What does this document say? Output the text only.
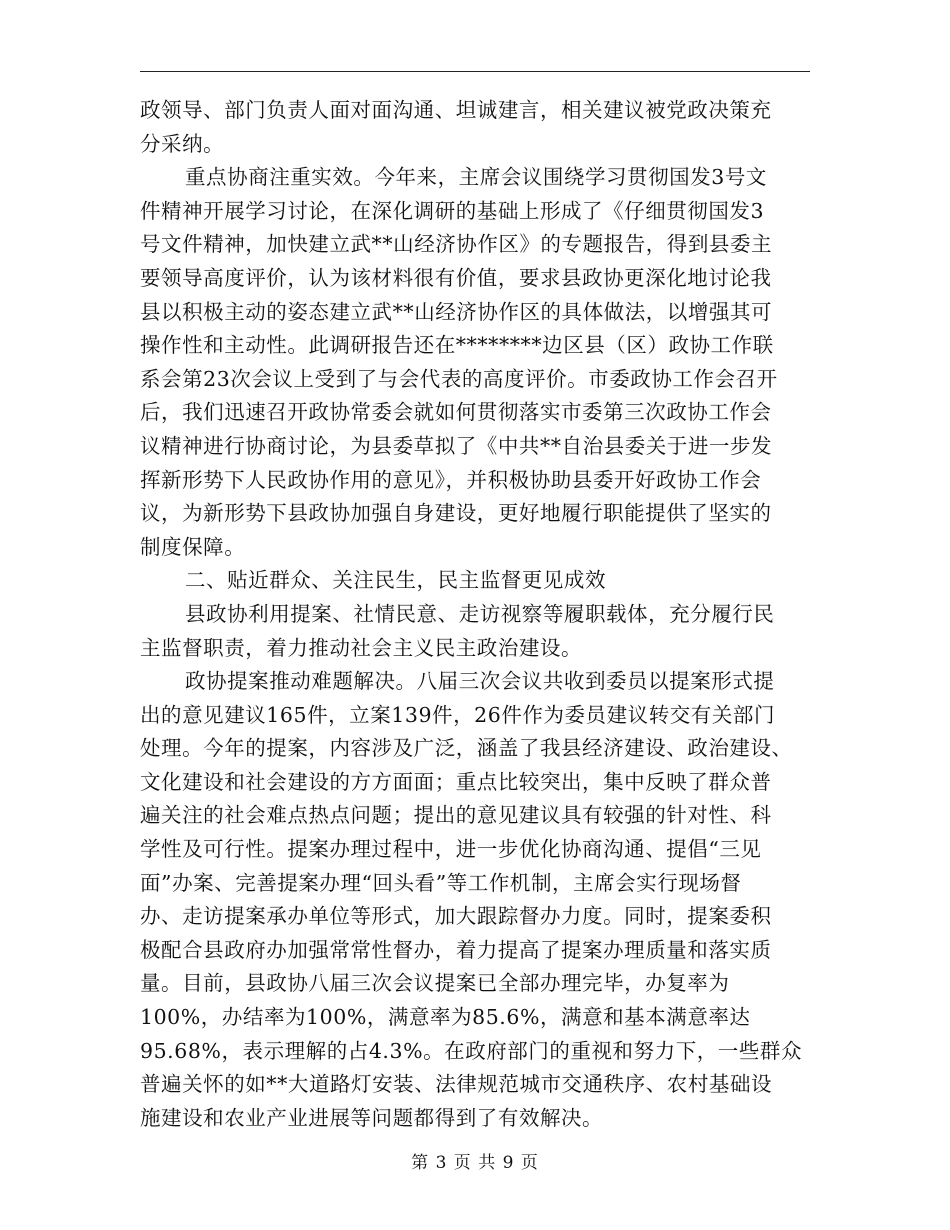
政领导、部门负责人面对面沟通、坦诚建言，相关建议被党政决策充
分采纳。
重点协商注重实效。今年来，主席会议围绕学习贯彻国发3号文
件精神开展学习讨论，在深化调研的基础上形成了《仔细贯彻国发3
号文件精神，加快建立武**山经济协作区》的专题报告，得到县委主
要领导高度评价，认为该材料很有价值，要求县政协更深化地讨论我
县以积极主动的姿态建立武**山经济协作区的具体做法，以增强其可
操作性和主动性。此调研报告还在********边区县（区）政协工作联
系会第23次会议上受到了与会代表的高度评价。市委政协工作会召开
后，我们迅速召开政协常委会就如何贯彻落实市委第三次政协工作会
议精神进行协商讨论，为县委草拟了《中共**自治县委关于进一步发
挥新形势下人民政协作用的意见》，并积极协助县委开好政协工作会
议，为新形势下县政协加强自身建设，更好地履行职能提供了坚实的
制度保障。
二、贴近群众、关注民生，民主监督更见成效
县政协利用提案、社情民意、走访视察等履职载体，充分履行民
主监督职责，着力推动社会主义民主政治建设。
政协提案推动难题解决。八届三次会议共收到委员以提案形式提
出的意见建议165件，立案139件，26件作为委员建议转交有关部门
处理。今年的提案，内容涉及广泛，涵盖了我县经济建设、政治建设、
文化建设和社会建设的方方面面；重点比较突出，集中反映了群众普
遍关注的社会难点热点问题；提出的意见建议具有较强的针对性、科
学性及可行性。提案办理过程中，进一步优化协商沟通、提倡“三见
面”办案、完善提案办理“回头看”等工作机制，主席会实行现场督
办、走访提案承办单位等形式，加大跟踪督办力度。同时，提案委积
极配合县政府办加强常常性督办，着力提高了提案办理质量和落实质
量。目前，县政协八届三次会议提案已全部办理完毕，办复率为
100%，办结率为100%，满意率为85.6%，满意和基本满意率达
95.68%，表示理解的占4.3%。在政府部门的重视和努力下，一些群众
普遍关怀的如**大道路灯安装、法律规范城市交通秩序、农村基础设
施建设和农业产业进展等问题都得到了有效解决。
第 3 页 共 9 页
